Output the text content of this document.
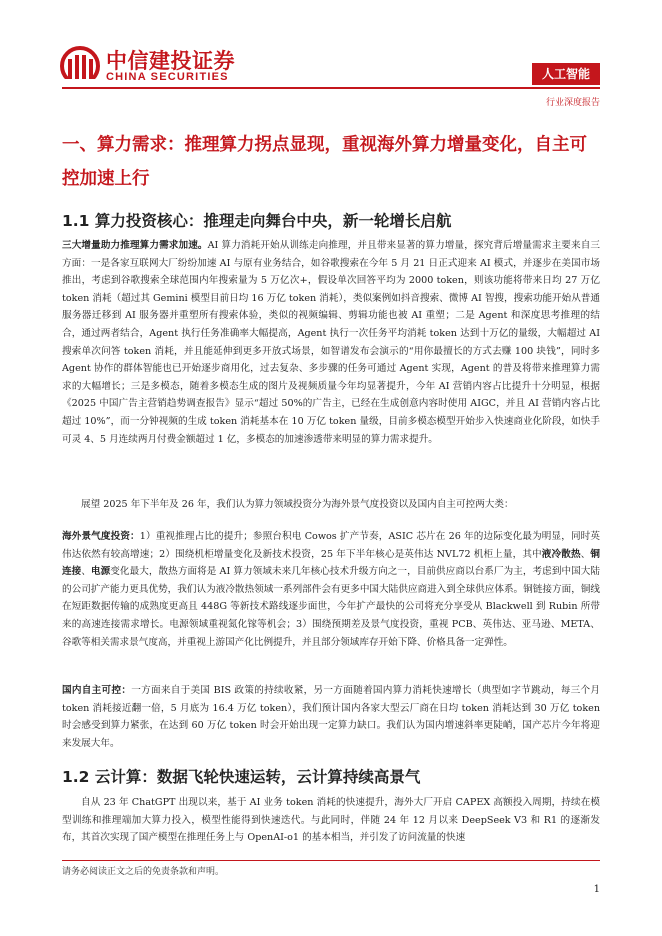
中信建投证券
CHINA SECURITIES	人工智能
行业深度报告
一、算力需求：推理算力拐点显现，重视海外算力增量变化，自主可控加速上行
1.1 算力投资核心：推理走向舞台中央，新一轮增长启航

三大增量助力推理算力需求加速。AI 算力消耗开始从训练走向推理，并且带来显著的算力增量，探究背后增量需求主要来自三方面：一是各家互联网大厂纷纷加速 AI 与原有业务结合，如谷歌搜索在今年 5 月 21 日正式迎来 AI 模式，并逐步在美国市场推出，考虑到谷歌搜索全球范围内年搜索量为 5 万亿次+，假设单次回答平均为 2000 token，则该功能将带来日均 27 万亿 token 消耗（超过其 Gemini 模型目前日均 16 万亿 token 消耗），类似案例如抖音搜索、微博 AI 智搜，搜索功能开始从普通服务器迁移到 AI 服务器并重塑所有搜索体验，类似的视频编辑、剪辑功能也被 AI 重塑；二是 Agent 和深度思考推理的结合，通过两者结合，Agent 执行任务准确率大幅提高，Agent 执行一次任务平均消耗 token 达到十万亿的量级，大幅超过 AI 搜索单次问答 token 消耗，并且能延伸到更多开放式场景，如智谱发布会演示的“用你最擅长的方式去赚 100 块钱”，同时多 Agent 协作的群体智能也已开始逐步商用化，过去复杂、多步骤的任务可通过 Agent 实现，Agent 的普及将带来推理算力需求的大幅增长；三是多模态，随着多模态生成的图片及视频质量今年均显著提升，今年 AI 营销内容占比提升十分明显，根据《2025 中国广告主营销趋势调查报告》显示“超过 50%的广告主，已经在生成创意内容时使用 AIGC，并且 AI 营销内容占比超过 10%”，而一分钟视频的生成 token 消耗基本在 10 万亿 token 量级，目前多模态模型开始步入快速商业化阶段，如快手可灵 4、5 月连续两月付费金额超过 1 亿，多模态的加速渗透带来明显的算力需求提升。

展望 2025 年下半年及 26 年，我们认为算力领域投资分为海外景气度投资以及国内自主可控两大类：

海外景气度投资：1）重视推理占比的提升；参照台积电 Cowos 扩产节奏，ASIC 芯片在 26 年的边际变化最为明显，同时英伟达依然有较高增速；2）围绕机柜增量变化及新技术投资，25 年下半年核心是英伟达 NVL72 机柜上量，其中液冷散热、铜连接、电源变化最大，散热方面将是 AI 算力领域未来几年核心技术升级方向之一，目前供应商以台系厂为主，考虑到中国大陆的公司扩产能力更具优势，我们认为液冷散热领域一系列部件会有更多中国大陆供应商进入到全球供应体系。铜链接方面，铜线在短距数据传输的成熟度更高且 448G 等新技术路线逐步面世，今年扩产最快的公司将充分享受从 Blackwell 到 Rubin 所带来的高速连接需求增长。电源领域重视氮化镓等机会；3）围绕预期差及景气度投资，重视 PCB、英伟达、亚马逊、META、谷歌等相关需求景气度高，并重视上游国产化比例提升，并且部分领域库存开始下降、价格具备一定弹性。

国内自主可控：一方面来自于美国 BIS 政策的持续收紧，另一方面随着国内算力消耗快速增长（典型如字节跳动，每三个月 token 消耗接近翻一倍，5 月底为 16.4 万亿 token），我们预计国内各家大型云厂商在日均 token 消耗达到 30 万亿 token 时会感受到算力紧张，在达到 60 万亿 token 时会开始出现一定算力缺口。我们认为国内增速斜率更陡峭，国产芯片今年将迎来发展大年。

1.2 云计算：数据飞轮快速运转，云计算持续高景气

自从 23 年 ChatGPT 出现以来，基于 AI 业务 token 消耗的快速提升，海外大厂开启 CAPEX 高额投入周期，持续在模型训练和推理端加大算力投入，模型性能得到快速迭代。与此同时，伴随 24 年 12 月以来 DeepSeek V3 和 R1 的逐渐发布，其首次实现了国产模型在推理任务上与 OpenAI-o1 的基本相当，并引发了访问流量的快速

请务必阅读正文之后的免责条款和声明。
1
